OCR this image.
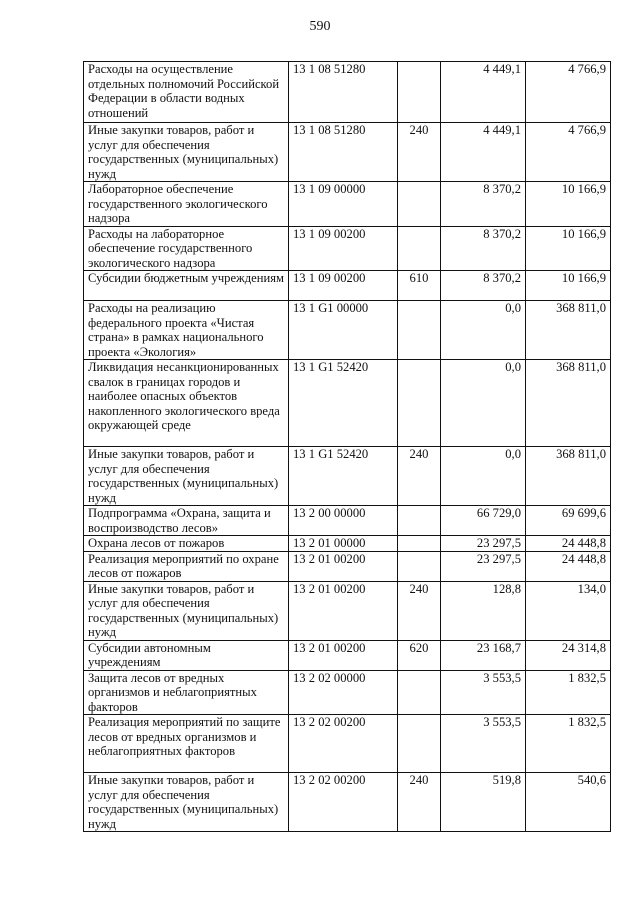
590
Расходы на осуществление отдельных полномочий Российской Федерации в области водных отношений	13 1 08 51280		4 449,1	4 766,9
Иные закупки товаров, работ и услуг для обеспечения государственных (муниципальных) нужд	13 1 08 51280	240	4 449,1	4 766,9
Лабораторное обеспечение государственного экологического надзора	13 1 09 00000		8 370,2	10 166,9
Расходы на лабораторное обеспечение государственного экологического надзора	13 1 09 00200		8 370,2	10 166,9
Субсидии бюджетным учреждениям	13 1 09 00200	610	8 370,2	10 166,9
Расходы на реализацию федерального проекта «Чистая страна» в рамках национального проекта «Экология»	13 1 G1 00000		0,0	368 811,0
Ликвидация несанкционированных свалок в границах городов и наиболее опасных объектов накопленного экологического вреда окружающей среде	13 1 G1 52420		0,0	368 811,0
Иные закупки товаров, работ и услуг для обеспечения государственных (муниципальных) нужд	13 1 G1 52420	240	0,0	368 811,0
Подпрограмма «Охрана, защита и воспроизводство лесов»	13 2 00 00000		66 729,0	69 699,6
Охрана лесов от пожаров	13 2 01 00000		23 297,5	24 448,8
Реализация мероприятий по охране лесов от пожаров	13 2 01 00200		23 297,5	24 448,8
Иные закупки товаров, работ и услуг для обеспечения государственных (муниципальных) нужд	13 2 01 00200	240	128,8	134,0
Субсидии автономным учреждениям	13 2 01 00200	620	23 168,7	24 314,8
Защита лесов от вредных организмов и неблагоприятных факторов	13 2 02 00000		3 553,5	1 832,5
Реализация мероприятий по защите лесов от вредных организмов и неблагоприятных факторов	13 2 02 00200		3 553,5	1 832,5
Иные закупки товаров, работ и услуг для обеспечения государственных (муниципальных) нужд	13 2 02 00200	240	519,8	540,6
